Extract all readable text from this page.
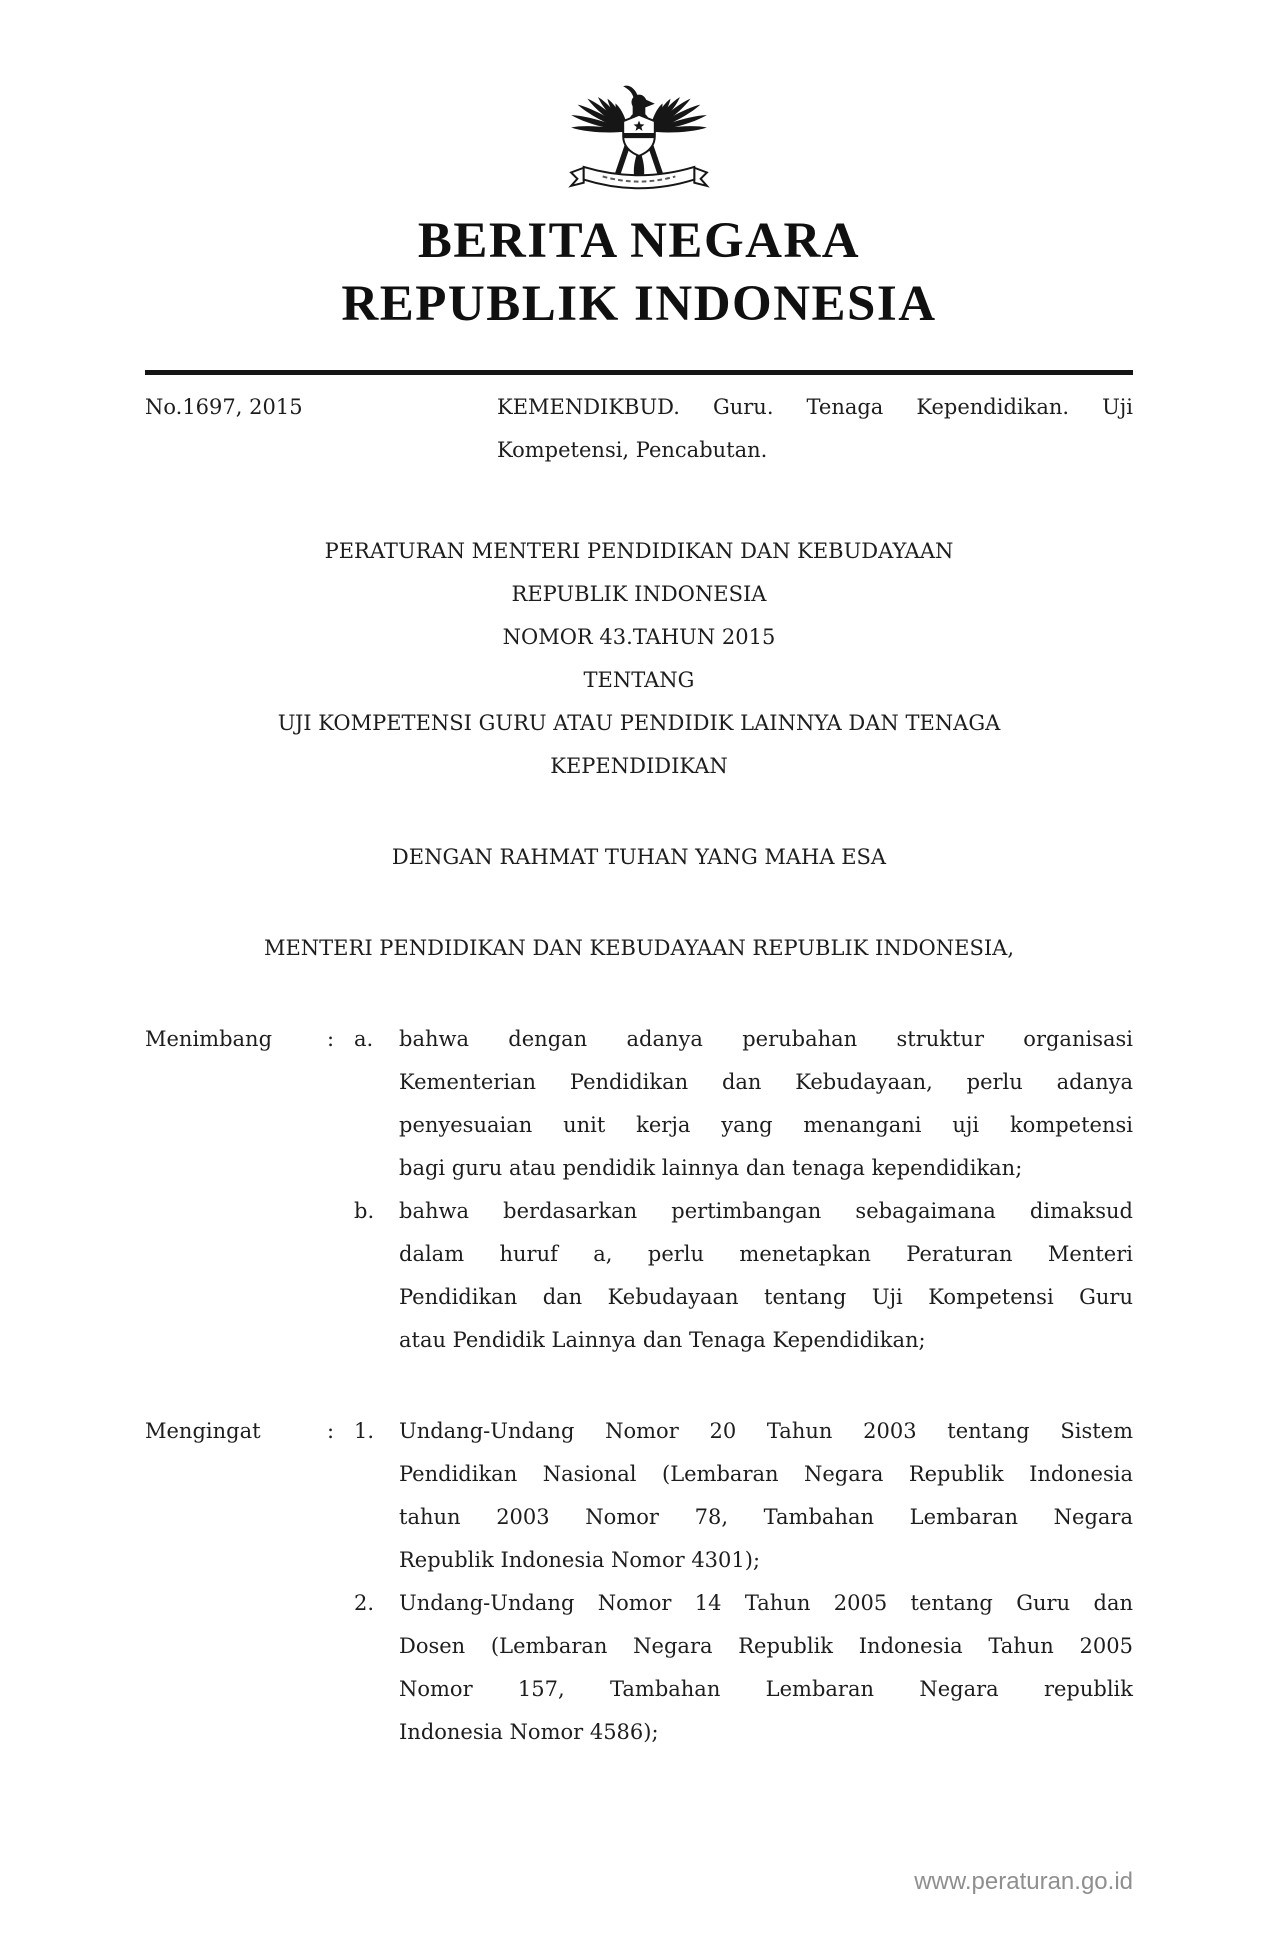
BERITA NEGARA
REPUBLIK INDONESIA
No.1697, 2015	KEMENDIKBUD. Guru. Tenaga Kependidikan. Uji
Kompetensi, Pencabutan.
PERATURAN MENTERI PENDIDIKAN DAN KEBUDAYAAN
REPUBLIK INDONESIA
NOMOR 43.TAHUN 2015
TENTANG
UJI KOMPETENSI GURU ATAU PENDIDIK LAINNYA DAN TENAGA
KEPENDIDIKAN
DENGAN RAHMAT TUHAN YANG MAHA ESA
MENTERI PENDIDIKAN DAN KEBUDAYAAN REPUBLIK INDONESIA,
Menimbang	: a.	bahwa dengan adanya perubahan struktur organisasi
Kementerian Pendidikan dan Kebudayaan, perlu adanya
penyesuaian unit kerja yang menangani uji kompetensi
bagi guru atau pendidik lainnya dan tenaga kependidikan;
b.	bahwa berdasarkan pertimbangan sebagaimana dimaksud
dalam huruf a, perlu menetapkan Peraturan Menteri
Pendidikan dan Kebudayaan tentang Uji Kompetensi Guru
atau Pendidik Lainnya dan Tenaga Kependidikan;
Mengingat	: 1.	Undang-Undang Nomor 20 Tahun 2003 tentang Sistem
Pendidikan Nasional (Lembaran Negara Republik Indonesia
tahun 2003 Nomor 78, Tambahan Lembaran Negara
Republik Indonesia Nomor 4301);
2.	Undang-Undang Nomor 14 Tahun 2005 tentang Guru dan
Dosen (Lembaran Negara Republik Indonesia Tahun 2005
Nomor 157, Tambahan Lembaran Negara republik
Indonesia Nomor 4586);
www.peraturan.go.id
